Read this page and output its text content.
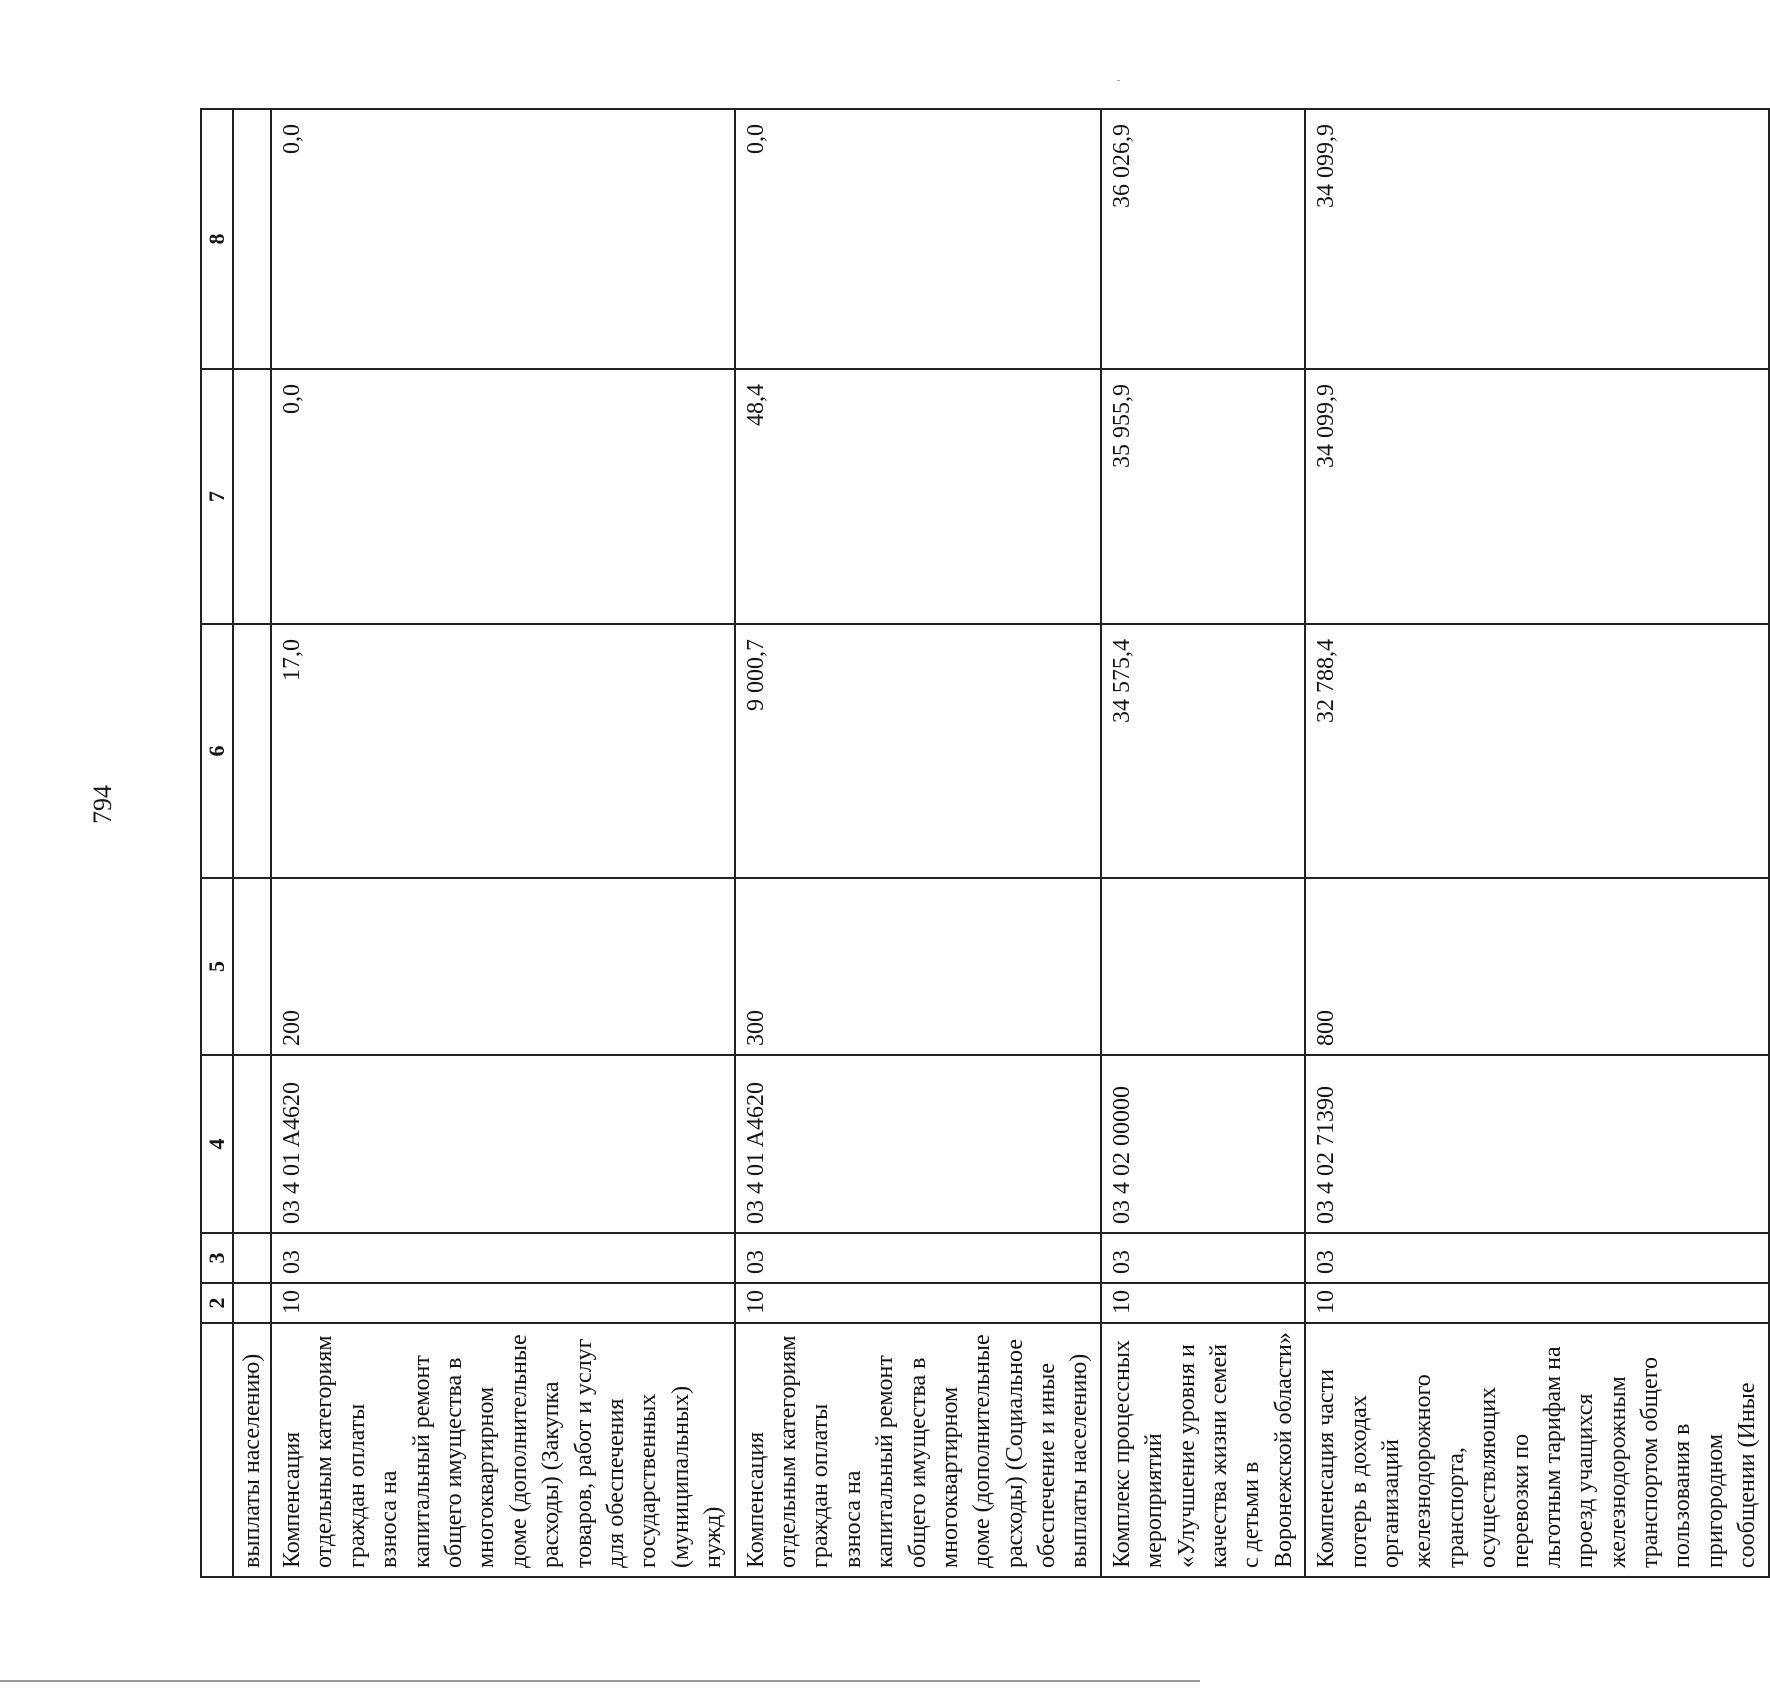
794
	2	3	4	5	6	7	8
выплаты населению)							
Компенсация отдельным категориям граждан оплаты взноса на капитальный ремонт общего имущества в многоквартирном доме (дополнительные расходы) (Закупка товаров, работ и услуг для обеспечения государственных (муниципальных) нужд)	10	03	03 4 01 A4620	200	17,0	0,0	0,0
Компенсация отдельным категориям граждан оплаты взноса на капитальный ремонт общего имущества в многоквартирном доме (дополнительные расходы) (Социальное обеспечение и иные выплаты населению)	10	03	03 4 01 A4620	300	9 000,7	48,4	0,0
Комплекс процессных мероприятий «Улучшение уровня и качества жизни семей с детьми в Воронежской области»	10	03	03 4 02 00000		34 575,4	35 955,9	36 026,9
Компенсация части потерь в доходах организаций железнодорожного транспорта, осуществляющих перевозки по льготным тарифам на проезд учащихся железнодорожным транспортом общего пользования в пригородном сообщении (Иные	10	03	03 4 02 71390	800	32 788,4	34 099,9	34 099,9
